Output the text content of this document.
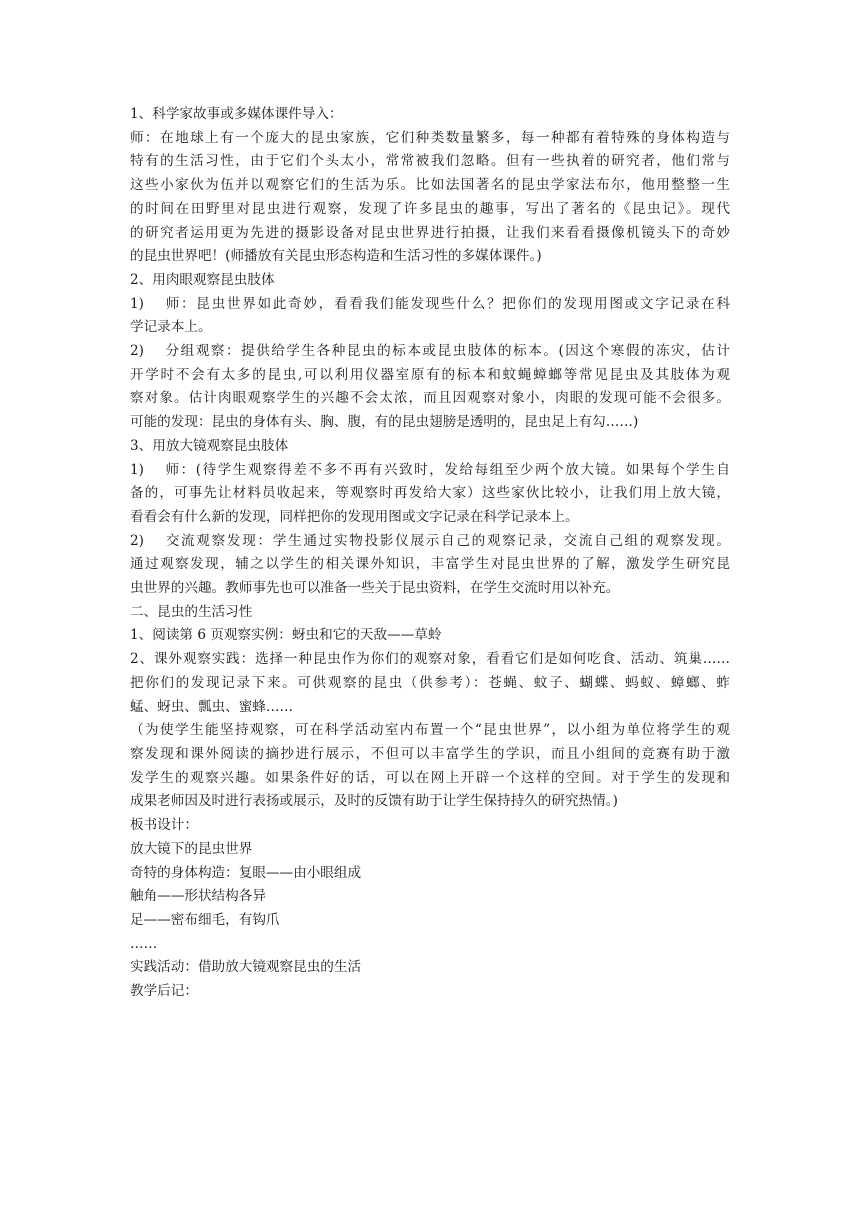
1、科学家故事或多媒体课件导入：
师：在地球上有一个庞大的昆虫家族，它们种类数量繁多，每一种都有着特殊的身体构造与
特有的生活习性，由于它们个头太小，常常被我们忽略。但有一些执着的研究者，他们常与
这些小家伙为伍并以观察它们的生活为乐。比如法国著名的昆虫学家法布尔，他用整整一生
的时间在田野里对昆虫进行观察，发现了许多昆虫的趣事，写出了著名的《昆虫记》。现代
的研究者运用更为先进的摄影设备对昆虫世界进行拍摄，让我们来看看摄像机镜头下的奇妙
的昆虫世界吧！(师播放有关昆虫形态构造和生活习性的多媒体课件。)
2、用肉眼观察昆虫肢体
1) 师：昆虫世界如此奇妙，看看我们能发现些什么？把你们的发现用图或文字记录在科
学记录本上。
2) 分组观察：提供给学生各种昆虫的标本或昆虫肢体的标本。(因这个寒假的冻灾，估计
开学时不会有太多的昆虫,可以利用仪器室原有的标本和蚊蝇蟑螂等常见昆虫及其肢体为观
察对象。估计肉眼观察学生的兴趣不会太浓，而且因观察对象小，肉眼的发现可能不会很多。
可能的发现：昆虫的身体有头、胸、腹，有的昆虫翅膀是透明的，昆虫足上有勾……)
3、用放大镜观察昆虫肢体
1) 师：(待学生观察得差不多不再有兴致时，发给每组至少两个放大镜。如果每个学生自
备的，可事先让材料员收起来，等观察时再发给大家）这些家伙比较小，让我们用上放大镜，
看看会有什么新的发现，同样把你的发现用图或文字记录在科学记录本上。
2) 交流观察发现：学生通过实物投影仪展示自己的观察记录，交流自己组的观察发现。
通过观察发现，辅之以学生的相关课外知识，丰富学生对昆虫世界的了解，激发学生研究昆
虫世界的兴趣。教师事先也可以准备一些关于昆虫资料，在学生交流时用以补充。
二、昆虫的生活习性
1、阅读第 6 页观察实例：蚜虫和它的天敌——草蛉
2、课外观察实践：选择一种昆虫作为你们的观察对象，看看它们是如何吃食、活动、筑巢……
把你们的发现记录下来。可供观察的昆虫（供参考）：苍蝇、蚊子、蝴蝶、蚂蚁、蟑螂、蚱
蜢、蚜虫、瓢虫、蜜蜂……
（为使学生能坚持观察，可在科学活动室内布置一个“昆虫世界”，以小组为单位将学生的观
察发现和课外阅读的摘抄进行展示，不但可以丰富学生的学识，而且小组间的竞赛有助于激
发学生的观察兴趣。如果条件好的话，可以在网上开辟一个这样的空间。对于学生的发现和
成果老师因及时进行表扬或展示，及时的反馈有助于让学生保持持久的研究热情。)
板书设计：
放大镜下的昆虫世界
奇特的身体构造：复眼——由小眼组成
触角——形状结构各异
足——密布细毛，有钩爪
……
实践活动：借助放大镜观察昆虫的生活
教学后记：
